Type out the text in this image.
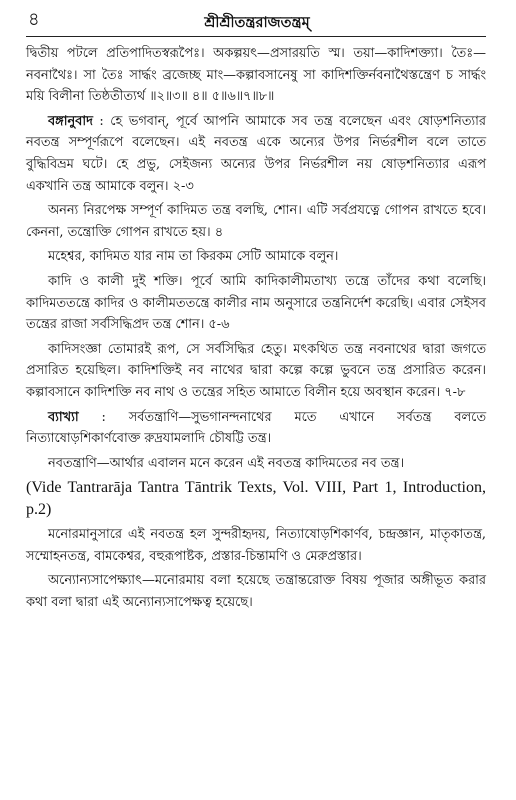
৪	শ্রীশ্রীতন্ত্ররাজতন্ত্রম্

দ্বিতীয় পটলে প্রতিপাদিতস্বরূপৈঃ। অকল্পয়ৎ—প্রসারয়তি স্ম। তয়া—কাদিশক্ত্যা। তৈঃ—নবনাথৈঃ। সা তৈঃ সার্দ্ধং ব্রজেচ্ছ মাং—কল্পাবসানেষু সা কাদিশক্তির্নবনাথৈস্তন্ত্রেণ চ সার্দ্ধং ময়ি বিলীনা তিষ্ঠতীত্যর্থ ॥২॥৩॥ ৪॥ ৫॥৬॥৭॥৮॥

বঙ্গানুবাদ : হে ভগবান্, পূর্বে আপনি আমাকে সব তন্ত্র বলেছেন এবং ষোড়শনিত্যার নবতন্ত্র সম্পূর্ণরূপে বলেছেন। এই নবতন্ত্র একে অন্যের উপর নির্ভরশীল বলে তাতে বুদ্ধিবিভ্রম ঘটে। হে প্রভু, সেইজন্য অন্যের উপর নির্ভরশীল নয় ষোড়শনিত্যার এরূপ একখানি তন্ত্র আমাকে বলুন। ২-৩

অনন্য নিরপেক্ষ সম্পূর্ণ কাদিমত তন্ত্র বলছি, শোন। এটি সর্বপ্রযত্নে গোপন রাখতে হবে। কেননা, তন্ত্রোক্তি গোপন রাখতে হয়। ৪

মহেশ্বর, কাদিমত যার নাম তা কিরকম সেটি আমাকে বলুন।

কাদি ও কালী দুই শক্তি। পূর্বে আমি কাদিকালীমতাখ্য তন্ত্রে তাঁদের কথা বলেছি। কাদিমততন্ত্রে কাদির ও কালীমততন্ত্রে কালীর নাম অনুসারে তন্ত্রনির্দেশ করেছি। এবার সেইসব তন্ত্রের রাজা সর্বসিদ্ধিপ্রদ তন্ত্র শোন। ৫-৬

কাদিসংজ্ঞা তোমারই রূপ, সে সর্বসিদ্ধির হেতু। মৎকথিত তন্ত্র নবনাথের দ্বারা জগতে প্রসারিত হয়েছিল। কাদিশক্তিই নব নাথের দ্বারা কল্পে কল্পে ভুবনে তন্ত্র প্রসারিত করেন। কল্পাবসানে কাদিশক্তি নব নাথ ও তন্ত্রের সহিত আমাতে বিলীন হয়ে অবস্থান করেন। ৭-৮

ব্যাখ্যা : সর্বতন্ত্রাণি—সুভগানন্দনাথের মতে এখানে সর্বতন্ত্র বলতে নিত্যাষোড়শিকার্ণবোক্ত রুদ্রযামলাদি চৌষট্টি তন্ত্র।

নবতন্ত্রাণি—আর্থার এবালন মনে করেন এই নবতন্ত্র কাদিমতের নব তন্ত্র।

(Vide Tantrarāja Tantra Tāntrik Texts, Vol. VIII, Part 1, Introduction, p.2)

মনোরমানুসারে এই নবতন্ত্র হল সুন্দরীহৃদয়, নিত্যাষোড়শিকার্ণব, চন্দ্রজ্ঞান, মাতৃকাতন্ত্র, সম্মোহনতন্ত্র, বামকেশ্বর, বহুরূপাষ্টক, প্রস্তার-চিন্তামণি ও মেরুপ্রস্তার।

অন্যোন্যসাপেক্ষ্যাৎ—মনোরমায় বলা হয়েছে তন্ত্রান্তরোক্ত বিষয় পূজার অঙ্গীভূত করার কথা বলা দ্বারা এই অন্যোন্যসাপেক্ষত্ব হয়েছে।
